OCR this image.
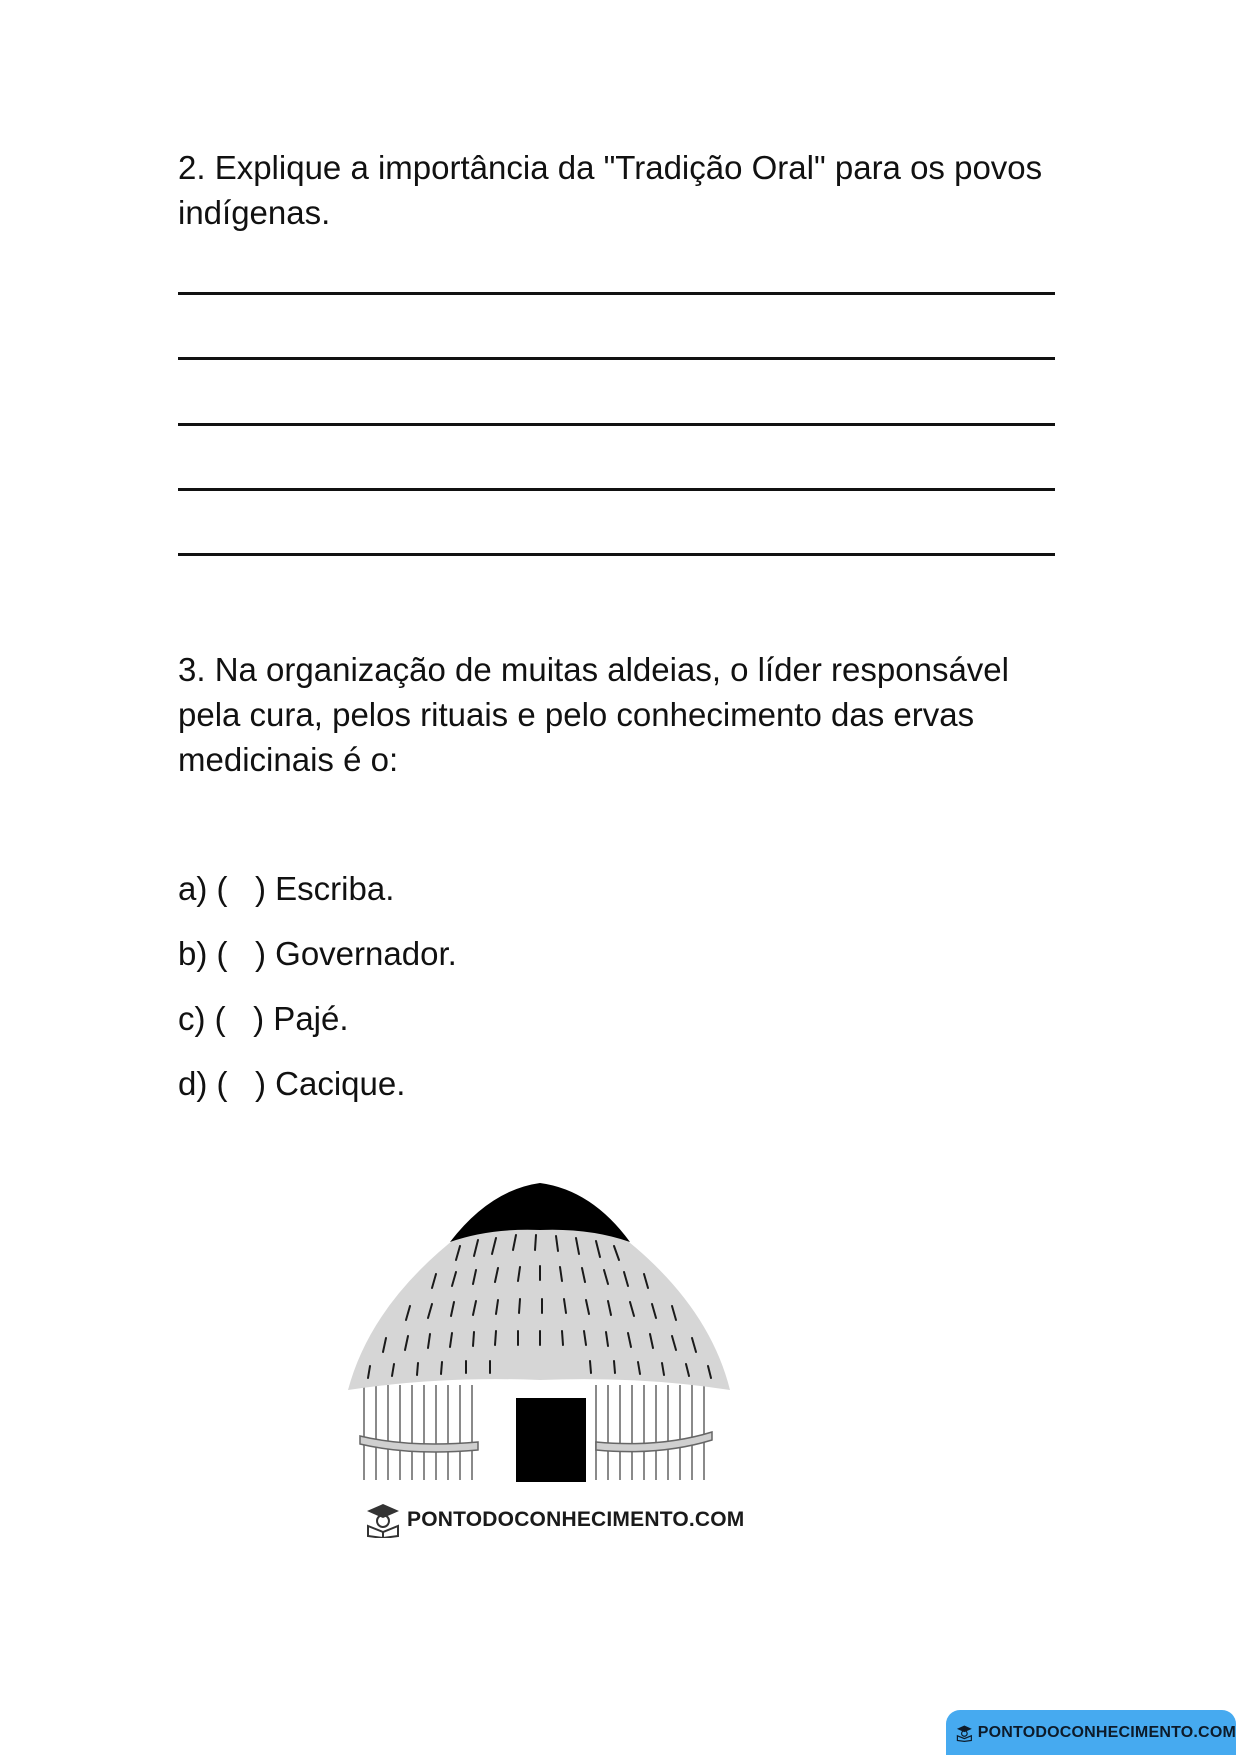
2. Explique a importância da "Tradição Oral" para os povos indígenas.

3. Na organização de muitas aldeias, o líder responsável pela cura, pelos rituais e pelo conhecimento das ervas medicinais é o:

a) (   ) Escriba.
b) (   ) Governador.
c) (   ) Pajé.
d) (   ) Cacique.
PONTODOCONHECIMENTO.COM
PONTODOCONHECIMENTO.COM
